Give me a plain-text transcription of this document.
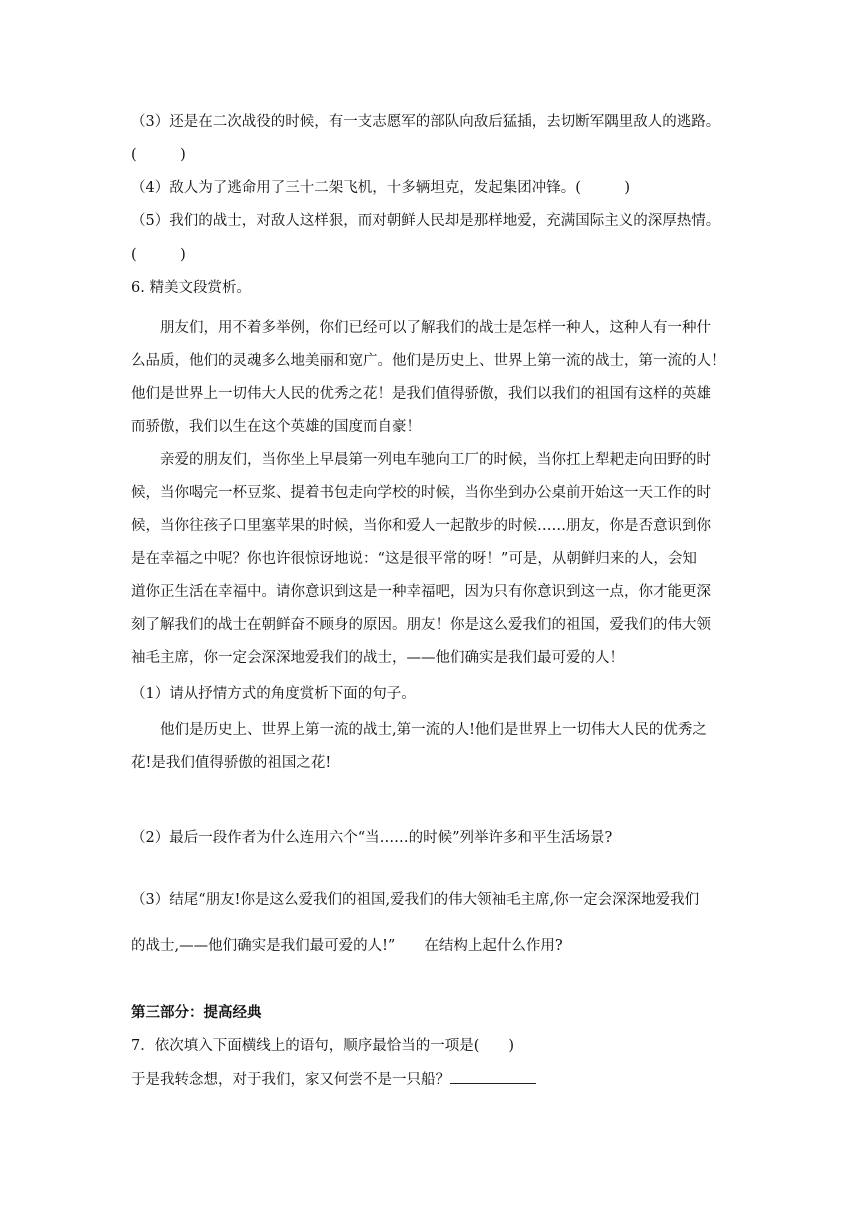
（3）还是在二次战役的时候，有一支志愿军的部队向敌后猛插，去切断军隅里敌人的逃路。
(　　　)
（4）敌人为了逃命用了三十二架飞机，十多辆坦克，发起集团冲锋。(　　　)
（5）我们的战士，对敌人这样狠，而对朝鲜人民却是那样地爱，充满国际主义的深厚热情。
(　　　)
6. 精美文段赏析。
朋友们，用不着多举例，你们已经可以了解我们的战士是怎样一种人，这种人有一种什
么品质，他们的灵魂多么地美丽和宽广。他们是历史上、世界上第一流的战士，第一流的人！
他们是世界上一切伟大人民的优秀之花！是我们值得骄傲，我们以我们的祖国有这样的英雄
而骄傲，我们以生在这个英雄的国度而自豪！
亲爱的朋友们，当你坐上早晨第一列电车驰向工厂的时候，当你扛上犁耙走向田野的时
候，当你喝完一杯豆浆、提着书包走向学校的时候，当你坐到办公桌前开始这一天工作的时
候，当你往孩子口里塞苹果的时候，当你和爱人一起散步的时候……朋友，你是否意识到你
是在幸福之中呢？你也许很惊讶地说：“这是很平常的呀！”可是，从朝鲜归来的人，会知
道你正生活在幸福中。请你意识到这是一种幸福吧，因为只有你意识到这一点，你才能更深
刻了解我们的战士在朝鲜奋不顾身的原因。朋友！你是这么爱我们的祖国，爱我们的伟大领
袖毛主席，你一定会深深地爱我们的战士，——他们确实是我们最可爱的人！
（1）请从抒情方式的角度赏析下面的句子。
他们是历史上、世界上第一流的战士,第一流的人!他们是世界上一切伟大人民的优秀之
花!是我们值得骄傲的祖国之花!
（2）最后一段作者为什么连用六个“当……的时候”列举许多和平生活场景?
（3）结尾“朋友!你是这么爱我们的祖国,爱我们的伟大领袖毛主席,你一定会深深地爱我们
的战士,——他们确实是我们最可爱的人!”　　在结构上起什么作用?
第三部分：提高经典
7．依次填入下面横线上的语句，顺序最恰当的一项是(　　)
于是我转念想，对于我们，家又何尝不是一只船？
